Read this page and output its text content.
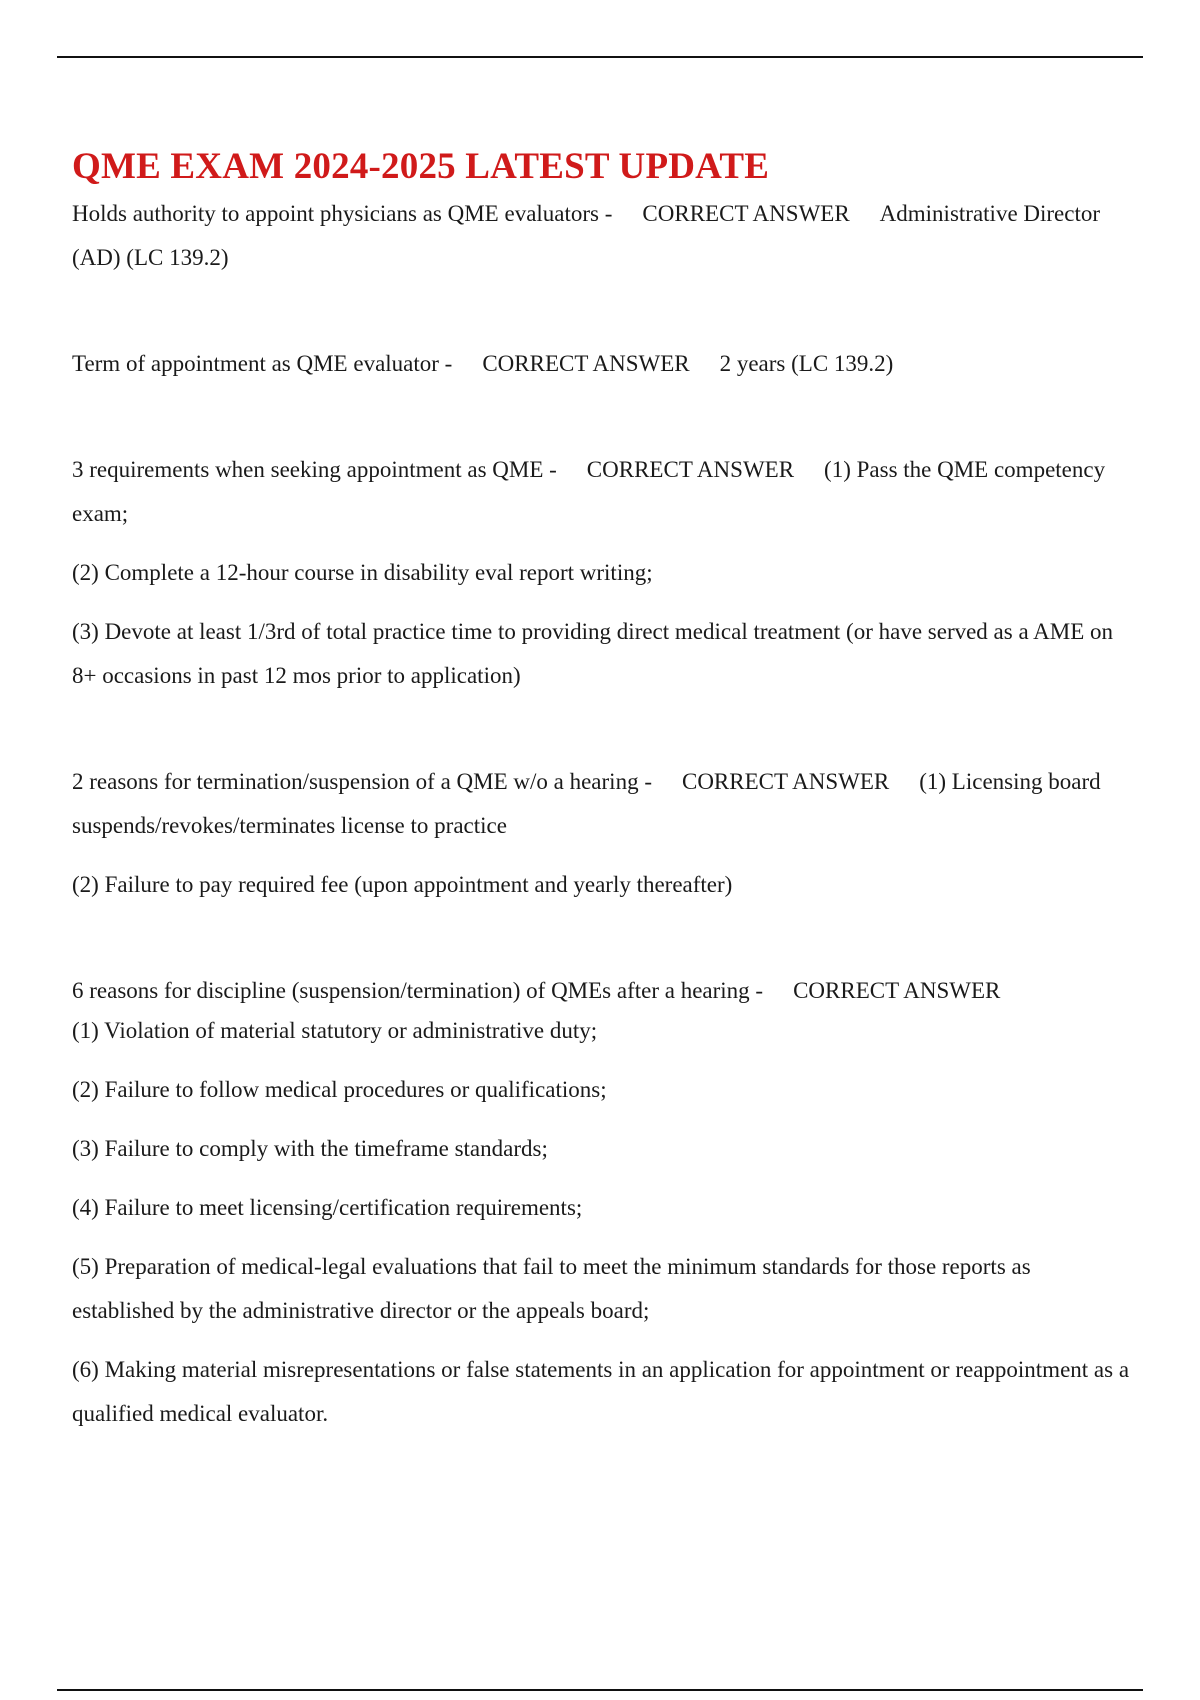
QME EXAM 2024-2025 LATEST UPDATE

Holds authority to appoint physicians as QME evaluators - CORRECT ANSWER Administrative Director (AD) (LC 139.2)

Term of appointment as QME evaluator - CORRECT ANSWER 2 years (LC 139.2)

3 requirements when seeking appointment as QME - CORRECT ANSWER (1) Pass the QME competency exam;

(2) Complete a 12-hour course in disability eval report writing;

(3) Devote at least 1/3rd of total practice time to providing direct medical treatment (or have served as a AME on 8+ occasions in past 12 mos prior to application)

2 reasons for termination/suspension of a QME w/o a hearing - CORRECT ANSWER (1) Licensing board suspends/revokes/terminates license to practice

(2) Failure to pay required fee (upon appointment and yearly thereafter)

6 reasons for discipline (suspension/termination) of QMEs after a hearing - CORRECT ANSWER

(1) Violation of material statutory or administrative duty;

(2) Failure to follow medical procedures or qualifications;

(3) Failure to comply with the timeframe standards;

(4) Failure to meet licensing/certification requirements;

(5) Preparation of medical-legal evaluations that fail to meet the minimum standards for those reports as established by the administrative director or the appeals board;

(6) Making material misrepresentations or false statements in an application for appointment or reappointment as a qualified medical evaluator.
